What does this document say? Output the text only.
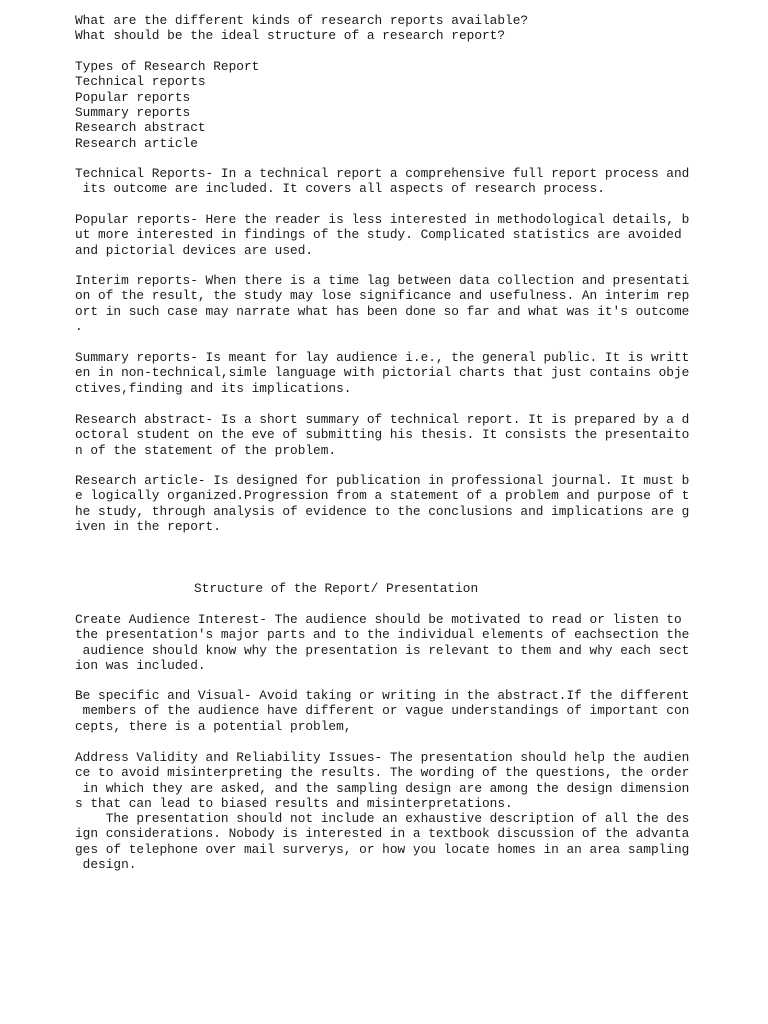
What are the different kinds of research reports available?

What should be the ideal structure of a research report?

Types of Research Report

Technical reports

Popular reports

Summary reports

Research abstract

Research article

Technical Reports- In a technical report a comprehensive full report process and
its outcome are included. It covers all aspects of research process.

Popular reports- Here the reader is less interested in methodological details, b
ut more interested in findings of the study. Complicated statistics are avoided
and pictorial devices are used.

Interim reports- When there is a time lag between data collection and presentati
on of the result, the study may lose significance and usefulness. An interim rep
ort in such case may narrate what has been done so far and what was it's outcome
.

Summary reports- Is meant for lay audience i.e., the general public. It is writt
en in non-technical,simle language with pictorial charts that just contains obje
ctives,finding and its implications.

Research abstract- Is a short summary of technical report. It is prepared by a d
octoral student on the eve of submitting his thesis. It consists the presentaito
n of the statement of the problem.

Research article- Is designed for publication in professional journal. It must b
e logically organized.Progression from a statement of a problem and purpose of t
he study, through analysis of evidence to the conclusions and implications are g
iven in the report.

Structure of the Report/ Presentation

Create Audience Interest- The audience should be motivated to read or listen to
the presentation's major parts and to the individual elements of eachsection the
audience should know why the presentation is relevant to them and why each sect
ion was included.

Be specific and Visual- Avoid taking or writing in the abstract.If the different
members of the audience have different or vague understandings of important con
cepts, there is a potential problem,

Address Validity and Reliability Issues- The presentation should help the audien
ce to avoid misinterpreting the results. The wording of the questions, the order
in which they are asked, and the sampling design are among the design dimension
s that can lead to biased results and misinterpretations.
The presentation should not include an exhaustive description of all the des
ign considerations. Nobody is interested in a textbook discussion of the advanta
ges of telephone over mail surverys, or how you locate homes in an area sampling
design.
